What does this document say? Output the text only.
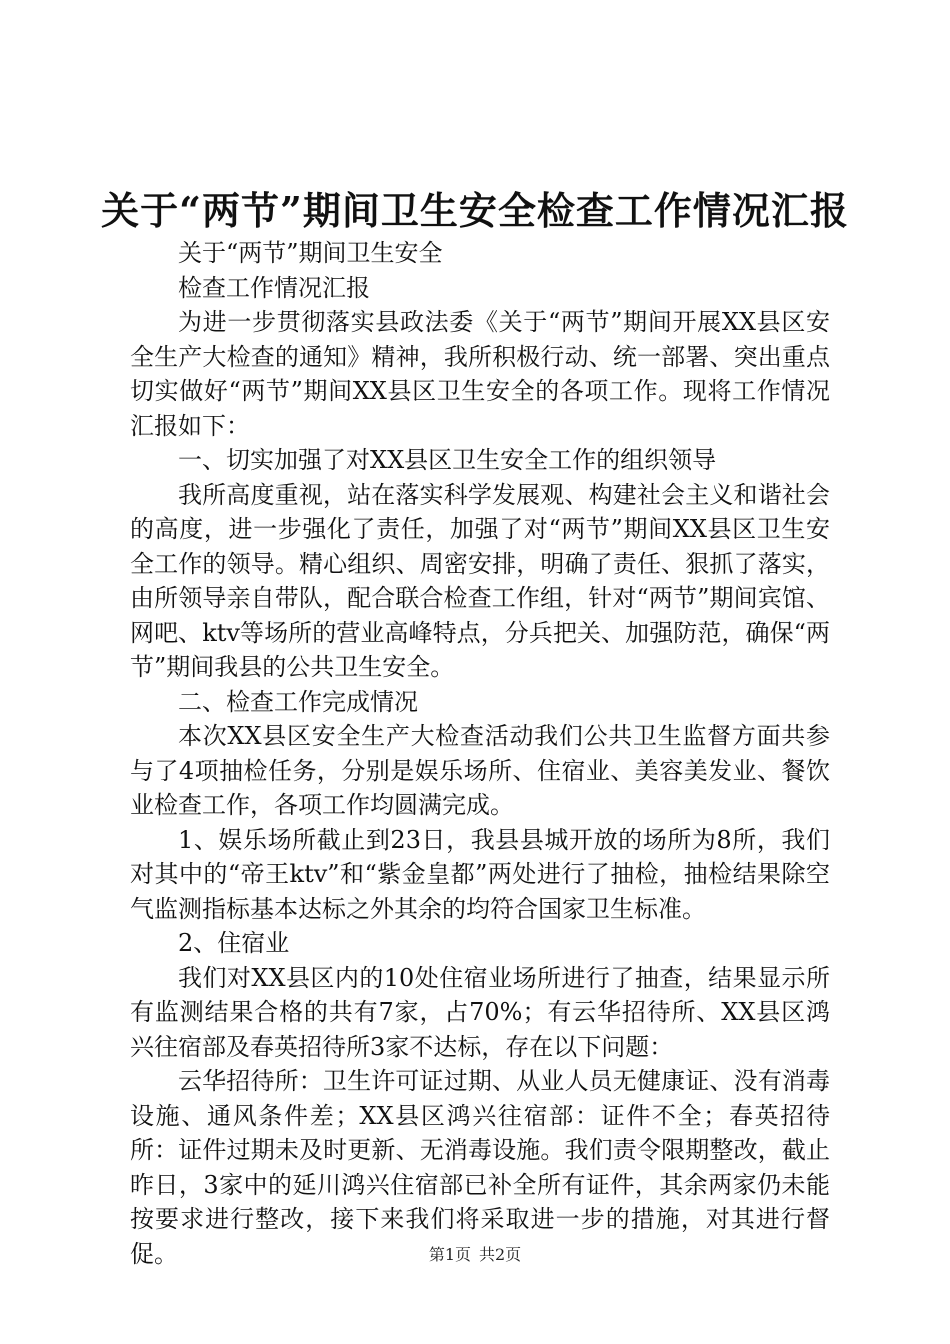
关于“两节”期间卫生安全检查工作情况汇报

关于“两节”期间卫生安全

检查工作情况汇报

为进一步贯彻落实县政法委《关于“两节”期间开展XX县区安全生产大检查的通知》精神，我所积极行动、统一部署、突出重点切实做好“两节”期间XX县区卫生安全的各项工作。现将工作情况汇报如下：

一、切实加强了对XX县区卫生安全工作的组织领导

我所高度重视，站在落实科学发展观、构建社会主义和谐社会的高度，进一步强化了责任，加强了对“两节”期间XX县区卫生安全工作的领导。精心组织、周密安排，明确了责任、狠抓了落实，由所领导亲自带队，配合联合检查工作组，针对“两节”期间宾馆、网吧、ktv等场所的营业高峰特点，分兵把关、加强防范，确保“两节”期间我县的公共卫生安全。

二、检查工作完成情况

本次XX县区安全生产大检查活动我们公共卫生监督方面共参与了4项抽检任务，分别是娱乐场所、住宿业、美容美发业、餐饮业检查工作，各项工作均圆满完成。

1、娱乐场所截止到23日，我县县城开放的场所为8所，我们对其中的“帝王ktv”和“紫金皇都”两处进行了抽检，抽检结果除空气监测指标基本达标之外其余的均符合国家卫生标准。

2、住宿业

我们对XX县区内的10处住宿业场所进行了抽查，结果显示所有监测结果合格的共有7家，占70%；有云华招待所、XX县区鸿兴往宿部及春英招待所3家不达标，存在以下问题：

云华招待所：卫生许可证过期、从业人员无健康证、没有消毒设施、通风条件差；XX县区鸿兴往宿部：证件不全；春英招待所：证件过期未及时更新、无消毒设施。我们责令限期整改，截止昨日，3家中的延川鸿兴住宿部已补全所有证件，其余两家仍未能按要求进行整改，接下来我们将采取进一步的措施，对其进行督促。	第1页 共2页
